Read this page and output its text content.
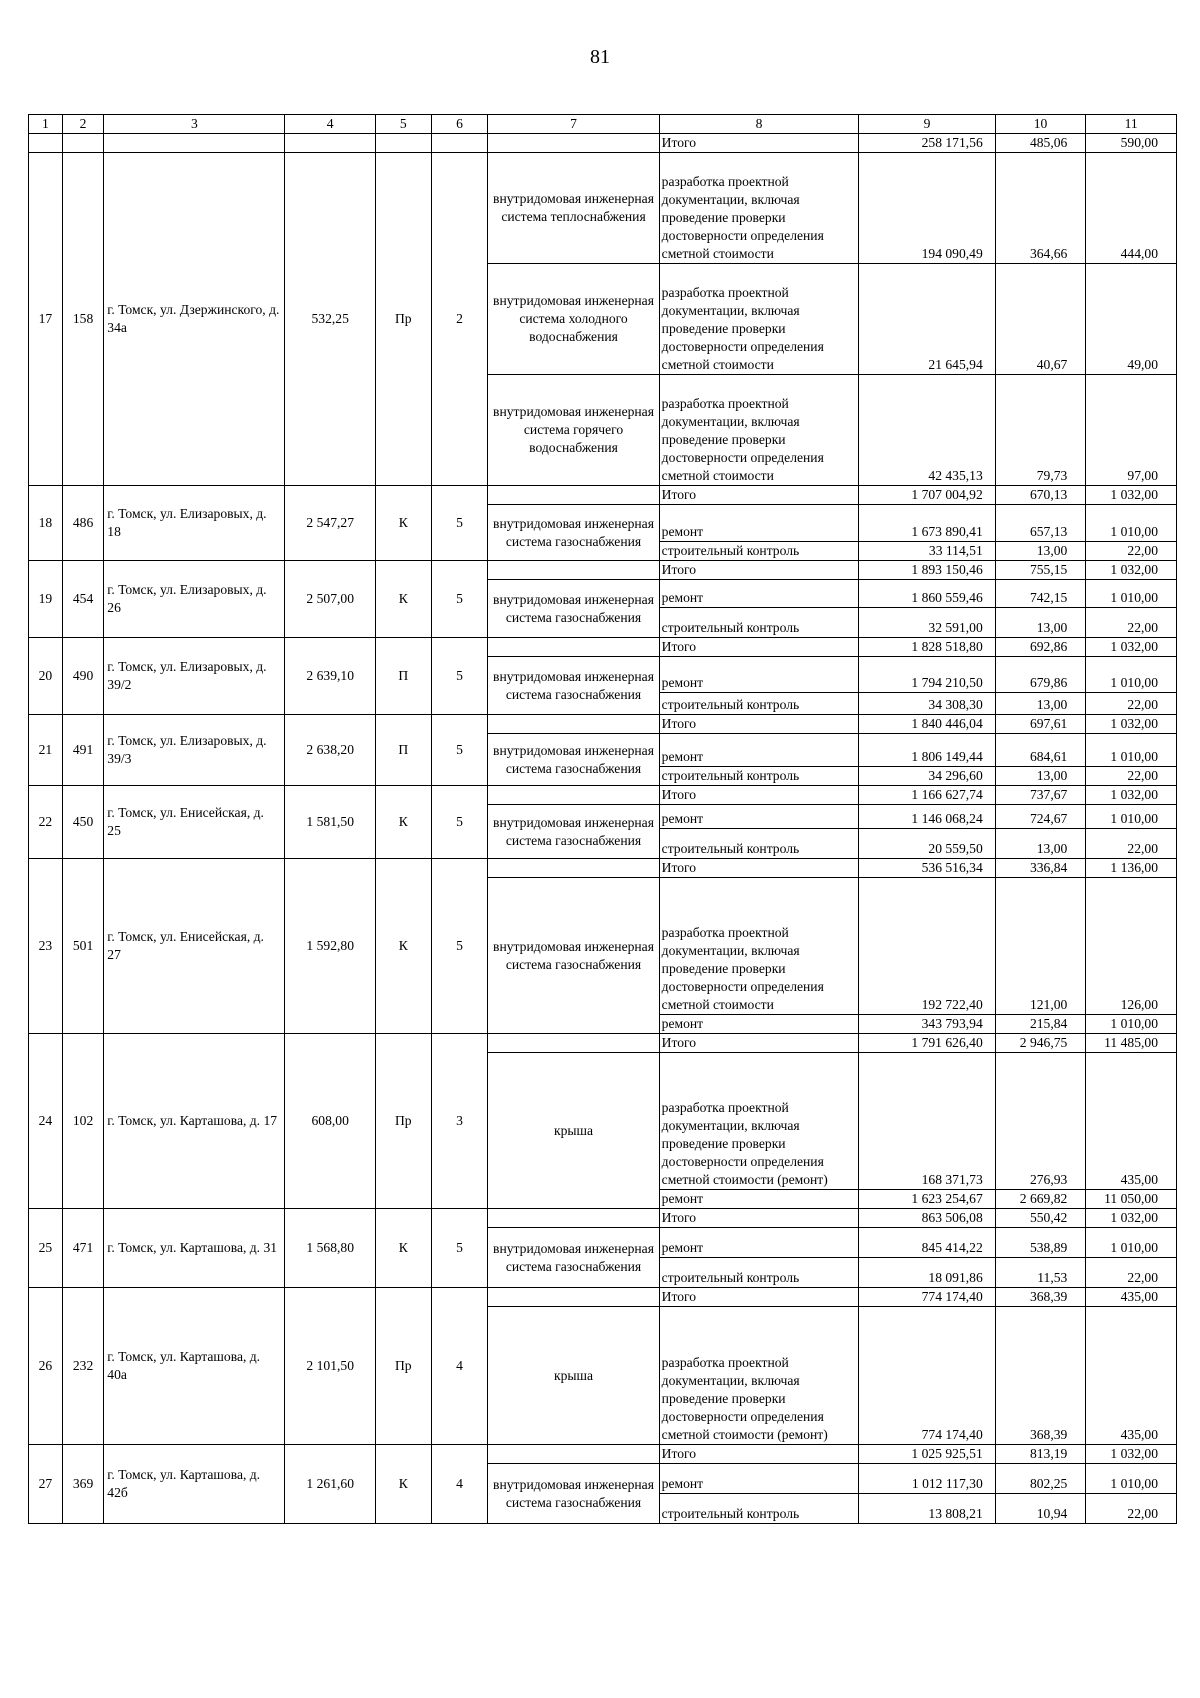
81
1	2	3	4	5	6	7	8	9	10	11
							Итого	258 171,56	485,06	590,00
17	158	г. Томск, ул. Дзержинского, д. 34а	532,25	Пр	2	внутридомовая инженерная система теплоснабжения	разработка проектной документации, включая проведение проверки достоверности определения сметной стоимости	194 090,49	364,66	444,00
						внутридомовая инженерная система холодного водоснабжения	разработка проектной документации, включая проведение проверки достоверности определения сметной стоимости	21 645,94	40,67	49,00
						внутридомовая инженерная система горячего водоснабжения	разработка проектной документации, включая проведение проверки достоверности определения сметной стоимости	42 435,13	79,73	97,00
18	486	г. Томск, ул. Елизаровых, д. 18	2 547,27	К	5		Итого	1 707 004,92	670,13	1 032,00
						внутридомовая инженерная система газоснабжения	ремонт	1 673 890,41	657,13	1 010,00
							строительный контроль	33 114,51	13,00	22,00
19	454	г. Томск, ул. Елизаровых, д. 26	2 507,00	К	5		Итого	1 893 150,46	755,15	1 032,00
						внутридомовая инженерная система газоснабжения	ремонт	1 860 559,46	742,15	1 010,00
							строительный контроль	32 591,00	13,00	22,00
20	490	г. Томск, ул. Елизаровых, д. 39/2	2 639,10	П	5		Итого	1 828 518,80	692,86	1 032,00
						внутридомовая инженерная система газоснабжения	ремонт	1 794 210,50	679,86	1 010,00
							строительный контроль	34 308,30	13,00	22,00
21	491	г. Томск, ул. Елизаровых, д. 39/3	2 638,20	П	5		Итого	1 840 446,04	697,61	1 032,00
						внутридомовая инженерная система газоснабжения	ремонт	1 806 149,44	684,61	1 010,00
							строительный контроль	34 296,60	13,00	22,00
22	450	г. Томск, ул. Енисейская, д. 25	1 581,50	К	5		Итого	1 166 627,74	737,67	1 032,00
						внутридомовая инженерная система газоснабжения	ремонт	1 146 068,24	724,67	1 010,00
							строительный контроль	20 559,50	13,00	22,00
23	501	г. Томск, ул. Енисейская, д. 27	1 592,80	К	5		Итого	536 516,34	336,84	1 136,00
						внутридомовая инженерная система газоснабжения	разработка проектной документации, включая проведение проверки достоверности определения сметной стоимости	192 722,40	121,00	126,00
							ремонт	343 793,94	215,84	1 010,00
24	102	г. Томск, ул. Карташова, д. 17	608,00	Пр	3		Итого	1 791 626,40	2 946,75	11 485,00
						крыша	разработка проектной документации, включая проведение проверки достоверности определения сметной стоимости (ремонт)	168 371,73	276,93	435,00
							ремонт	1 623 254,67	2 669,82	11 050,00
25	471	г. Томск, ул. Карташова, д. 31	1 568,80	К	5		Итого	863 506,08	550,42	1 032,00
						внутридомовая инженерная система газоснабжения	ремонт	845 414,22	538,89	1 010,00
							строительный контроль	18 091,86	11,53	22,00
26	232	г. Томск, ул. Карташова, д. 40а	2 101,50	Пр	4		Итого	774 174,40	368,39	435,00
						крыша	разработка проектной документации, включая проведение проверки достоверности определения сметной стоимости (ремонт)	774 174,40	368,39	435,00
27	369	г. Томск, ул. Карташова, д. 42б	1 261,60	К	4		Итого	1 025 925,51	813,19	1 032,00
						внутридомовая инженерная система газоснабжения	ремонт	1 012 117,30	802,25	1 010,00
							строительный контроль	13 808,21	10,94	22,00
